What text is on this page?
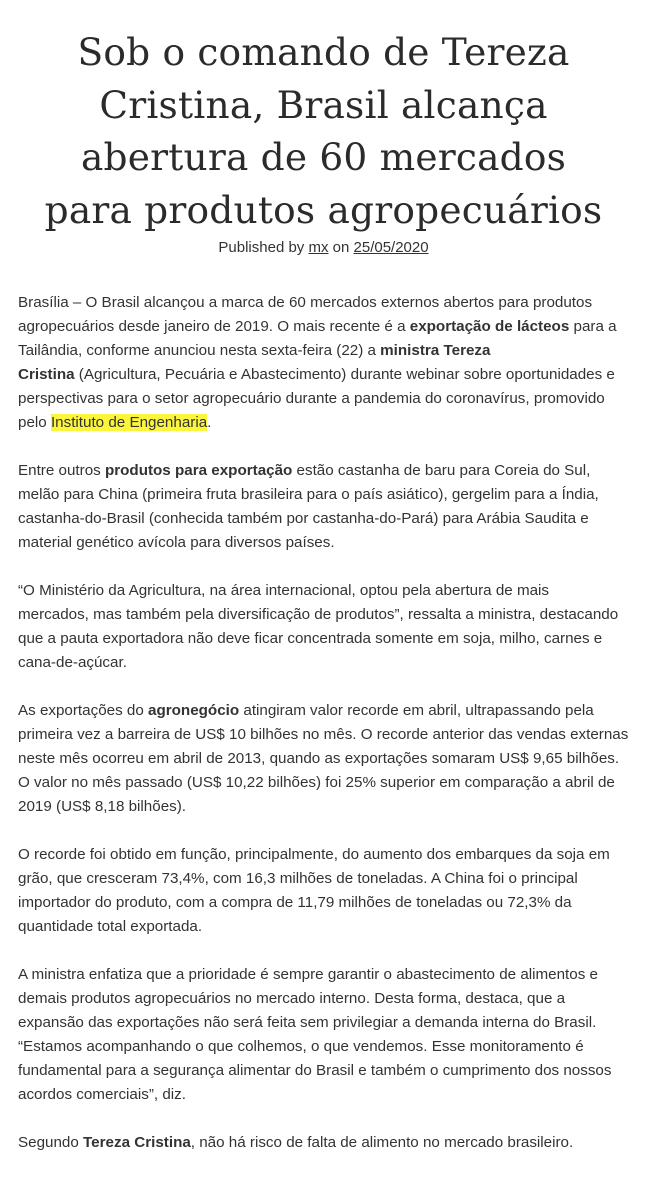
Sob o comando de Tereza
Cristina, Brasil alcança
abertura de 60 mercados
para produtos agropecuários
Published by mx on 25/05/2020

Brasília – O Brasil alcançou a marca de 60 mercados externos abertos para produtos
agropecuários desde janeiro de 2019. O mais recente é a exportação de lácteos para a
Tailândia, conforme anunciou nesta sexta-feira (22) a ministra Tereza
Cristina (Agricultura, Pecuária e Abastecimento) durante webinar sobre oportunidades e
perspectivas para o setor agropecuário durante a pandemia do coronavírus, promovido
pelo Instituto de Engenharia.

Entre outros produtos para exportação estão castanha de baru para Coreia do Sul,
melão para China (primeira fruta brasileira para o país asiático), gergelim para a Índia,
castanha-do-Brasil (conhecida também por castanha-do-Pará) para Arábia Saudita e
material genético avícola para diversos países.

“O Ministério da Agricultura, na área internacional, optou pela abertura de mais
mercados, mas também pela diversificação de produtos”, ressalta a ministra, destacando
que a pauta exportadora não deve ficar concentrada somente em soja, milho, carnes e
cana-de-açúcar.

As exportações do agronegócio atingiram valor recorde em abril, ultrapassando pela
primeira vez a barreira de US$ 10 bilhões no mês. O recorde anterior das vendas externas
neste mês ocorreu em abril de 2013, quando as exportações somaram US$ 9,65 bilhões.
O valor no mês passado (US$ 10,22 bilhões) foi 25% superior em comparação a abril de
2019 (US$ 8,18 bilhões).

O recorde foi obtido em função, principalmente, do aumento dos embarques da soja em
grão, que cresceram 73,4%, com 16,3 milhões de toneladas. A China foi o principal
importador do produto, com a compra de 11,79 milhões de toneladas ou 72,3% da
quantidade total exportada.

A ministra enfatiza que a prioridade é sempre garantir o abastecimento de alimentos e
demais produtos agropecuários no mercado interno. Desta forma, destaca, que a
expansão das exportações não será feita sem privilegiar a demanda interna do Brasil.
“Estamos acompanhando o que colhemos, o que vendemos. Esse monitoramento é
fundamental para a segurança alimentar do Brasil e também o cumprimento dos nossos
acordos comerciais”, diz.

Segundo Tereza Cristina, não há risco de falta de alimento no mercado brasileiro.
